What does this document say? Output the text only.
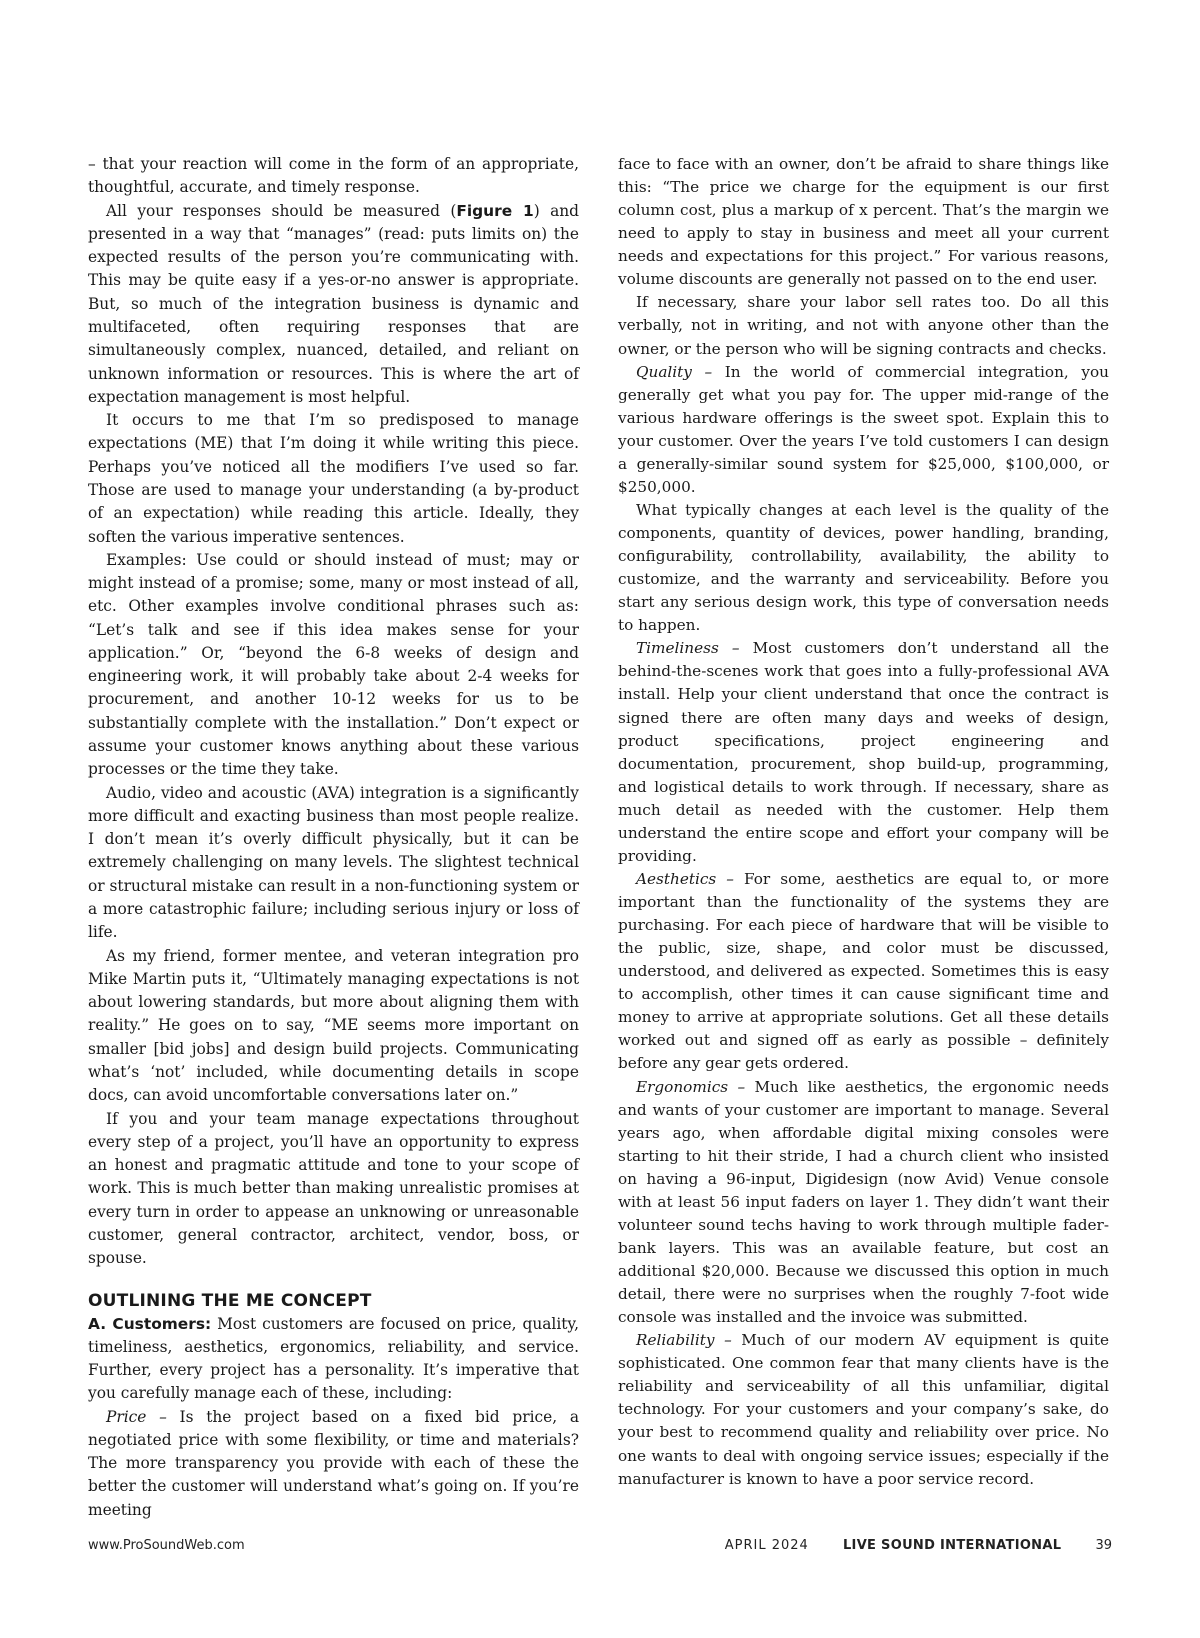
– that your reaction will come in the form of an appropriate, thoughtful, accurate, and timely response.

All your responses should be measured (Figure 1) and presented in a way that “manages” (read: puts limits on) the expected results of the person you’re communicating with. This may be quite easy if a yes-or-no answer is appropriate. But, so much of the integration business is dynamic and multifaceted, often requiring responses that are simultaneously complex, nuanced, detailed, and reliant on unknown information or resources. This is where the art of expectation management is most helpful.

It occurs to me that I’m so predisposed to manage expectations (ME) that I’m doing it while writing this piece. Perhaps you’ve noticed all the modifiers I’ve used so far. Those are used to manage your understanding (a by-product of an expectation) while reading this article. Ideally, they soften the various imperative sentences.

Examples: Use could or should instead of must; may or might instead of a promise; some, many or most instead of all, etc. Other examples involve conditional phrases such as: “Let’s talk and see if this idea makes sense for your application.” Or, “beyond the 6-8 weeks of design and engineering work, it will probably take about 2-4 weeks for procurement, and another 10-12 weeks for us to be substantially complete with the installation.” Don’t expect or assume your customer knows anything about these various processes or the time they take.

Audio, video and acoustic (AVA) integration is a significantly more difficult and exacting business than most people realize. I don’t mean it’s overly difficult physically, but it can be extremely challenging on many levels. The slightest technical or structural mistake can result in a non-functioning system or a more catastrophic failure; including serious injury or loss of life.

As my friend, former mentee, and veteran integration pro Mike Martin puts it, “Ultimately managing expectations is not about lowering standards, but more about aligning them with reality.” He goes on to say, “ME seems more important on smaller [bid jobs] and design build projects. Communicating what’s ‘not’ included, while documenting details in scope docs, can avoid uncomfortable conversations later on.”

If you and your team manage expectations throughout every step of a project, you’ll have an opportunity to express an honest and pragmatic attitude and tone to your scope of work. This is much better than making unrealistic promises at every turn in order to appease an unknowing or unreasonable customer, general contractor, architect, vendor, boss, or spouse.

OUTLINING THE ME CONCEPT

A. Customers: Most customers are focused on price, quality, timeliness, aesthetics, ergonomics, reliability, and service. Further, every project has a personality. It’s imperative that you carefully manage each of these, including:

Price – Is the project based on a fixed bid price, a negotiated price with some flexibility, or time and materials? The more transparency you provide with each of these the better the customer will understand what’s going on. If you’re meeting

face to face with an owner, don’t be afraid to share things like this: “The price we charge for the equipment is our first column cost, plus a markup of x percent. That’s the margin we need to apply to stay in business and meet all your current needs and expectations for this project.” For various reasons, volume discounts are generally not passed on to the end user.

If necessary, share your labor sell rates too. Do all this verbally, not in writing, and not with anyone other than the owner, or the person who will be signing contracts and checks.

Quality – In the world of commercial integration, you generally get what you pay for. The upper mid-range of the various hardware offerings is the sweet spot. Explain this to your customer. Over the years I’ve told customers I can design a generally-similar sound system for $25,000, $100,000, or $250,000.

What typically changes at each level is the quality of the components, quantity of devices, power handling, branding, configurability, controllability, availability, the ability to customize, and the warranty and serviceability. Before you start any serious design work, this type of conversation needs to happen.

Timeliness – Most customers don’t understand all the behind-the-scenes work that goes into a fully-professional AVA install. Help your client understand that once the contract is signed there are often many days and weeks of design, product specifications, project engineering and documentation, procurement, shop build-up, programming, and logistical details to work through. If necessary, share as much detail as needed with the customer. Help them understand the entire scope and effort your company will be providing.

Aesthetics – For some, aesthetics are equal to, or more important than the functionality of the systems they are purchasing. For each piece of hardware that will be visible to the public, size, shape, and color must be discussed, understood, and delivered as expected. Sometimes this is easy to accomplish, other times it can cause significant time and money to arrive at appropriate solutions. Get all these details worked out and signed off as early as possible – definitely before any gear gets ordered.

Ergonomics – Much like aesthetics, the ergonomic needs and wants of your customer are important to manage. Several years ago, when affordable digital mixing consoles were starting to hit their stride, I had a church client who insisted on having a 96-input, Digidesign (now Avid) Venue console with at least 56 input faders on layer 1. They didn’t want their volunteer sound techs having to work through multiple fader-bank layers. This was an available feature, but cost an additional $20,000. Because we discussed this option in much detail, there were no surprises when the roughly 7-foot wide console was installed and the invoice was submitted.

Reliability – Much of our modern AV equipment is quite sophisticated. One common fear that many clients have is the reliability and serviceability of all this unfamiliar, digital technology. For your customers and your company’s sake, do your best to recommend quality and reliability over price. No one wants to deal with ongoing service issues; especially if the manufacturer is known to have a poor service record.

www.ProSoundWeb.com	APRIL 2024	LIVE SOUND INTERNATIONAL	39
